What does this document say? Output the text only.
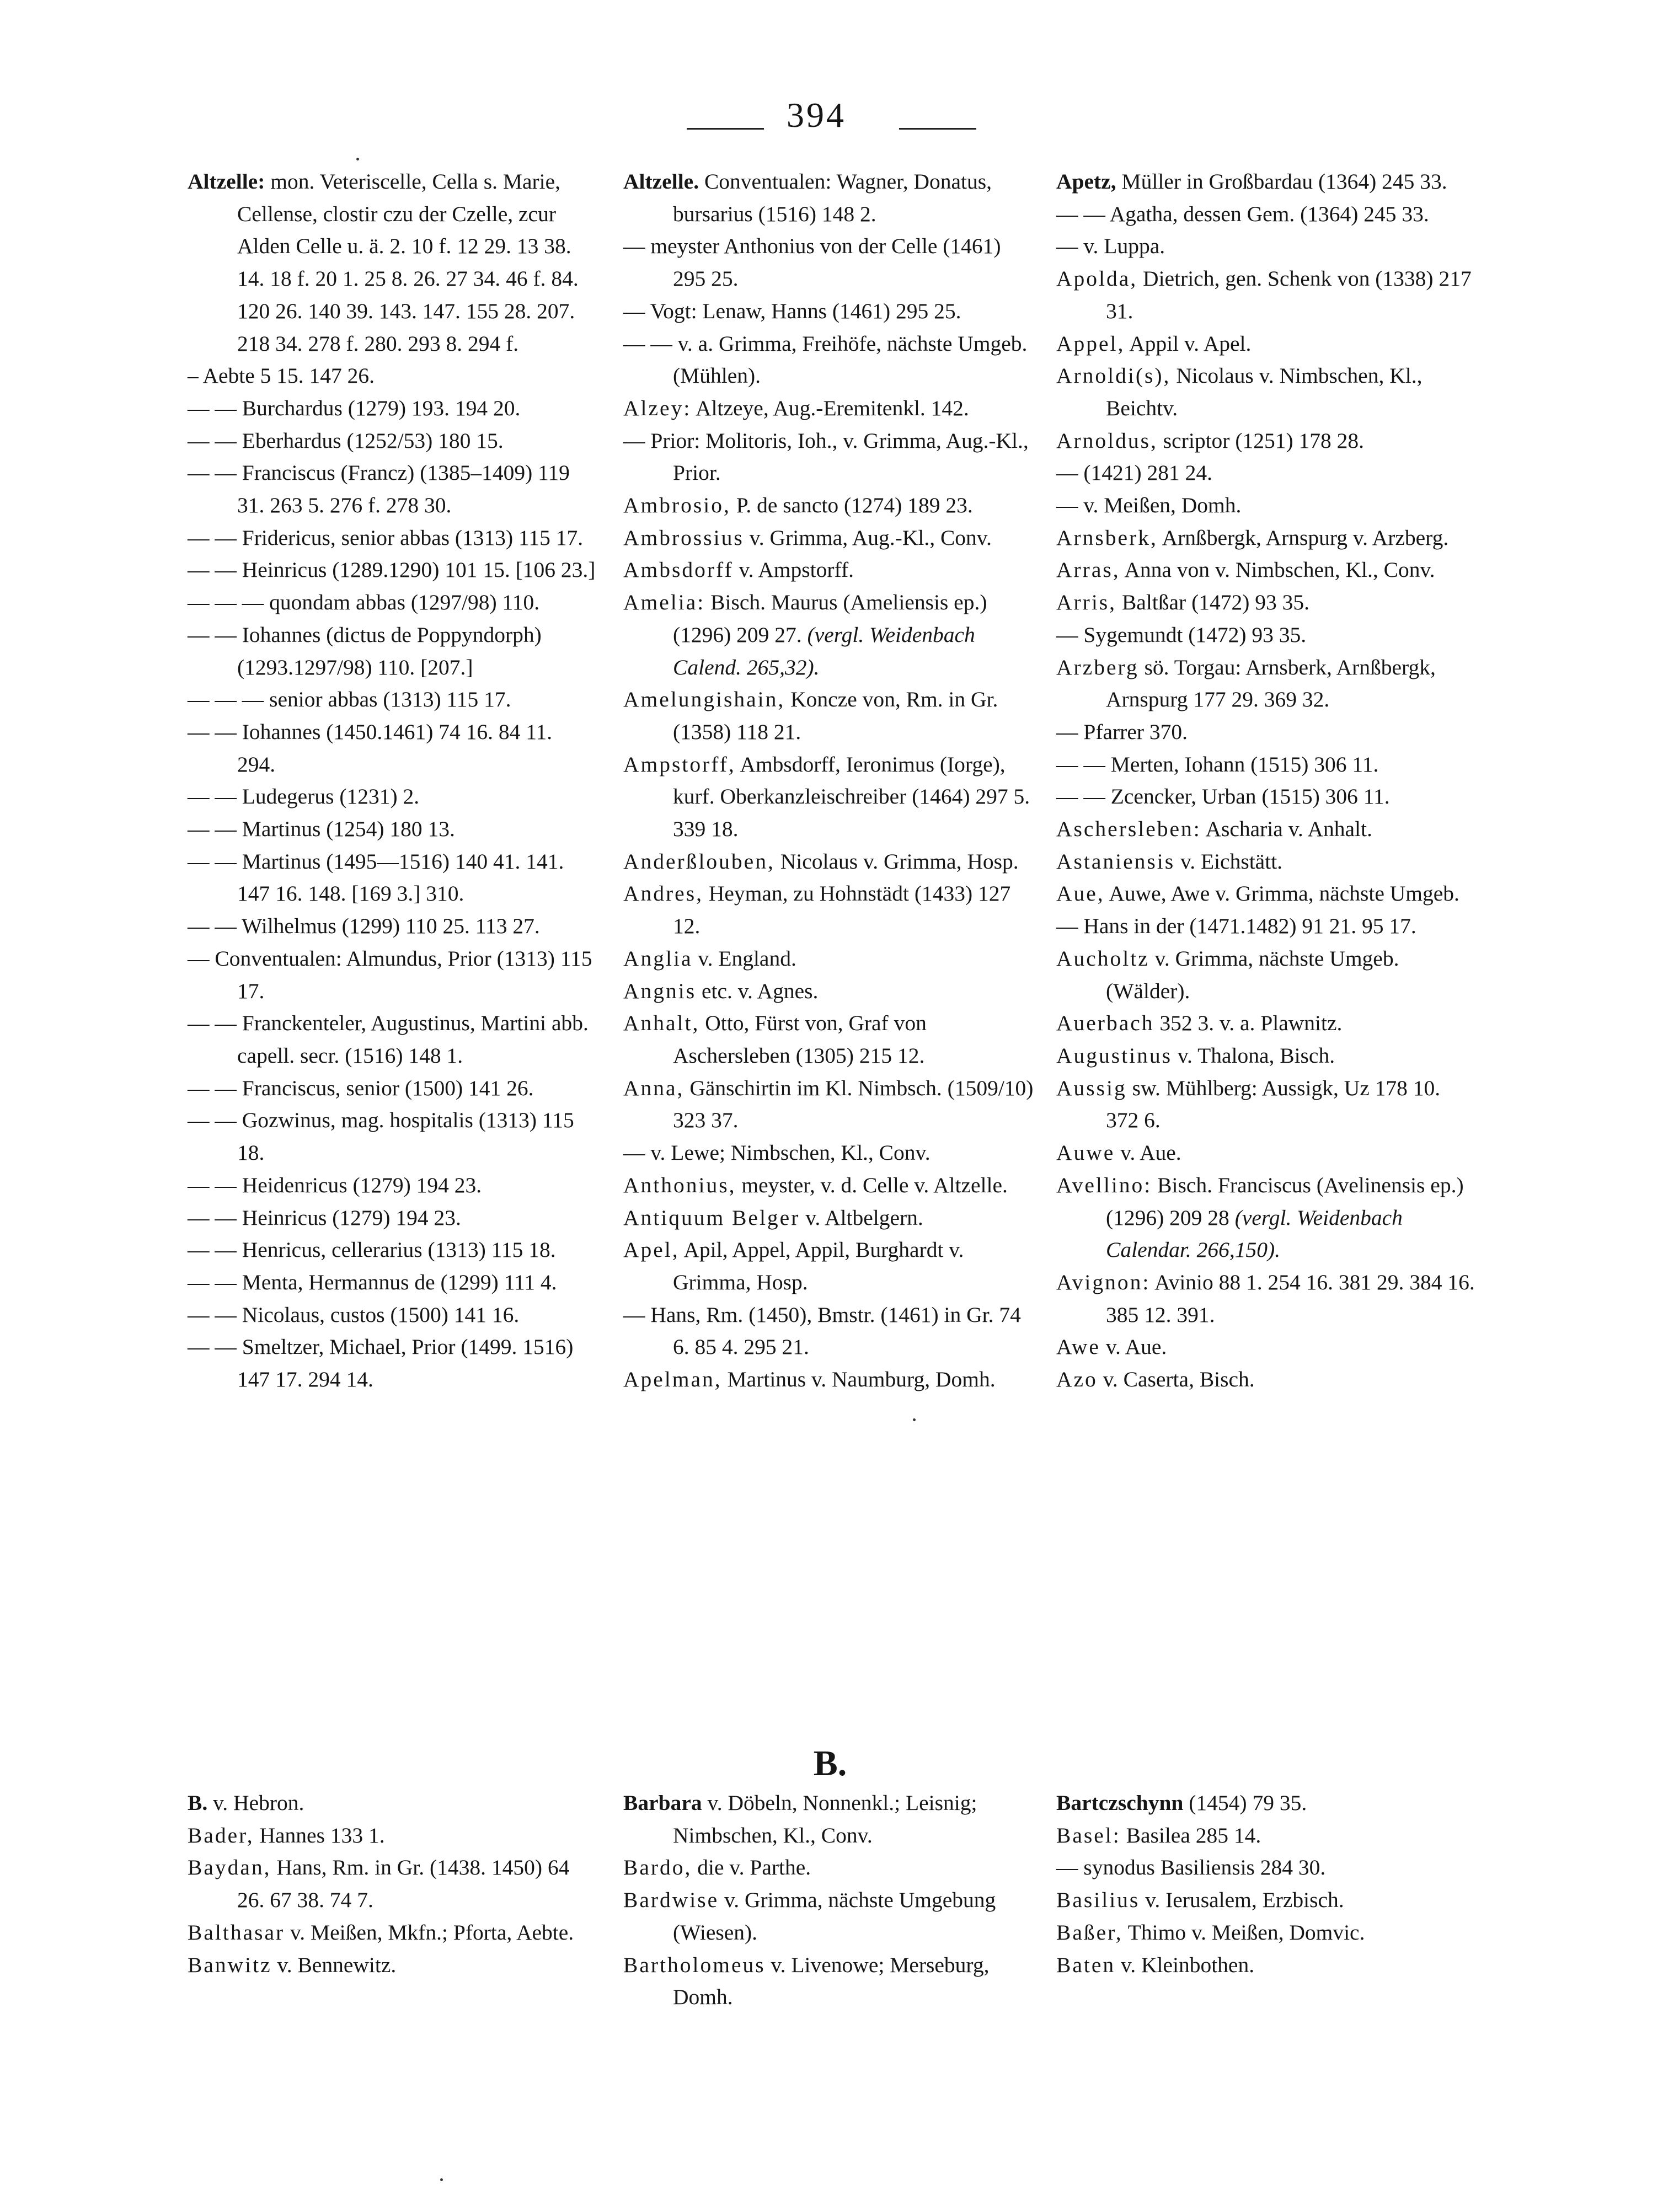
394

Altzelle: mon. Veteriscelle, Cella s. Marie, Cellense, clostir czu der Czelle, zcur Alden Celle u. ä. 2. 10 f. 12 29. 13 38. 14. 18 f. 20 1. 25 8. 26. 27 34. 46 f. 84. 120 26. 140 39. 143. 147. 155 28. 207. 218 34. 278 f. 280. 293 8. 294 f.

– Aebte 5 15. 147 26.

— — Burchardus (1279) 193. 194 20.

— — Eberhardus (1252/53) 180 15.

— — Franciscus (Francz) (1385–1409) 119 31. 263 5. 276 f. 278 30.

— — Fridericus, senior abbas (1313) 115 17.

— — Heinricus (1289.1290) 101 15. [106 23.]

— — — quondam abbas (1297/98) 110.

— — Iohannes (dictus de Poppyndorph) (1293.1297/98) 110. [207.]

— — — senior abbas (1313) 115 17.

— — Iohannes (1450.1461) 74 16. 84 11. 294.

— — Ludegerus (1231) 2.

— — Martinus (1254) 180 13.

— — Martinus (1495—1516) 140 41. 141. 147 16. 148. [169 3.] 310.

— — Wilhelmus (1299) 110 25. 113 27.

— Conventualen: Almundus, Prior (1313) 115 17.

— — Franckenteler, Augustinus, Martini abb. capell. secr. (1516) 148 1.

— — Franciscus, senior (1500) 141 26.

— — Gozwinus, mag. hospitalis (1313) 115 18.

— — Heidenricus (1279) 194 23.

— — Heinricus (1279) 194 23.

— — Henricus, cellerarius (1313) 115 18.

— — Menta, Hermannus de (1299) 111 4.

— — Nicolaus, custos (1500) 141 16.

— — Smeltzer, Michael, Prior (1499. 1516) 147 17. 294 14.

Altzelle. Conventualen: Wagner, Donatus, bursarius (1516) 148 2.

— meyster Anthonius von der Celle (1461) 295 25.

— Vogt: Lenaw, Hanns (1461) 295 25.

— — v. a. Grimma, Freihöfe, nächste Umgeb. (Mühlen).

Alzey: Altzeye, Aug.-Eremitenkl. 142.

— Prior: Molitoris, Ioh., v. Grimma, Aug.-Kl., Prior.

Ambrosio, P. de sancto (1274) 189 23.

Ambrossius v. Grimma, Aug.-Kl., Conv.

Ambsdorff v. Ampstorff.

Amelia: Bisch. Maurus (Ameliensis ep.) (1296) 209 27. (vergl. Weidenbach Calend. 265,32).

Amelungishain, Koncze von, Rm. in Gr. (1358) 118 21.

Ampstorff, Ambsdorff, Ieronimus (Iorge), kurf. Oberkanzleischreiber (1464) 297 5. 339 18.

Anderßlouben, Nicolaus v. Grimma, Hosp.

Andres, Heyman, zu Hohnstädt (1433) 127 12.

Anglia v. England.

Angnis etc. v. Agnes.

Anhalt, Otto, Fürst von, Graf von Aschersleben (1305) 215 12.

Anna, Gänschirtin im Kl. Nimbsch. (1509/10) 323 37.

— v. Lewe; Nimbschen, Kl., Conv.

Anthonius, meyster, v. d. Celle v. Altzelle.

Antiquum Belger v. Altbelgern.

Apel, Apil, Appel, Appil, Burghardt v. Grimma, Hosp.

— Hans, Rm. (1450), Bmstr. (1461) in Gr. 74 6. 85 4. 295 21.

Apelman, Martinus v. Naumburg, Domh.

Apetz, Müller in Großbardau (1364) 245 33.

— — Agatha, dessen Gem. (1364) 245 33.

— v. Luppa.

Apolda, Dietrich, gen. Schenk von (1338) 217 31.

Appel, Appil v. Apel.

Arnoldi(s), Nicolaus v. Nimbschen, Kl., Beichtv.

Arnoldus, scriptor (1251) 178 28.

— (1421) 281 24.

— v. Meißen, Domh.

Arnsberk, Arnßbergk, Arnspurg v. Arzberg.

Arras, Anna von v. Nimbschen, Kl., Conv.

Arris, Baltßar (1472) 93 35.

— Sygemundt (1472) 93 35.

Arzberg sö. Torgau: Arnsberk, Arnßbergk, Arnspurg 177 29. 369 32.

— Pfarrer 370.

— — Merten, Iohann (1515) 306 11.

— — Zcencker, Urban (1515) 306 11.

Aschersleben: Ascharia v. Anhalt.

Astaniensis v. Eichstätt.

Aue, Auwe, Awe v. Grimma, nächste Umgeb.

— Hans in der (1471.1482) 91 21. 95 17.

Aucholtz v. Grimma, nächste Umgeb. (Wälder).

Auerbach 352 3. v. a. Plawnitz.

Augustinus v. Thalona, Bisch.

Aussig sw. Mühlberg: Aussigk, Uz 178 10. 372 6.

Auwe v. Aue.

Avellino: Bisch. Franciscus (Avelinensis ep.) (1296) 209 28 (vergl. Weidenbach Calendar. 266,150).

Avignon: Avinio 88 1. 254 16. 381 29. 384 16. 385 12. 391.

Awe v. Aue.

Azo v. Caserta, Bisch.

B.

B. v. Hebron.

Bader, Hannes 133 1.

Baydan, Hans, Rm. in Gr. (1438. 1450) 64 26. 67 38. 74 7.

Balthasar v. Meißen, Mkfn.; Pforta, Aebte.

Banwitz v. Bennewitz.

Barbara v. Döbeln, Nonnenkl.; Leisnig; Nimbschen, Kl., Conv.

Bardo, die v. Parthe.

Bardwise v. Grimma, nächste Umgebung (Wiesen).

Bartholomeus v. Livenowe; Merseburg, Domh.

Bartczschynn (1454) 79 35.

Basel: Basilea 285 14.

— synodus Basiliensis 284 30.

Basilius v. Ierusalem, Erzbisch.

Baßer, Thimo v. Meißen, Domvic.

Baten v. Kleinbothen.
